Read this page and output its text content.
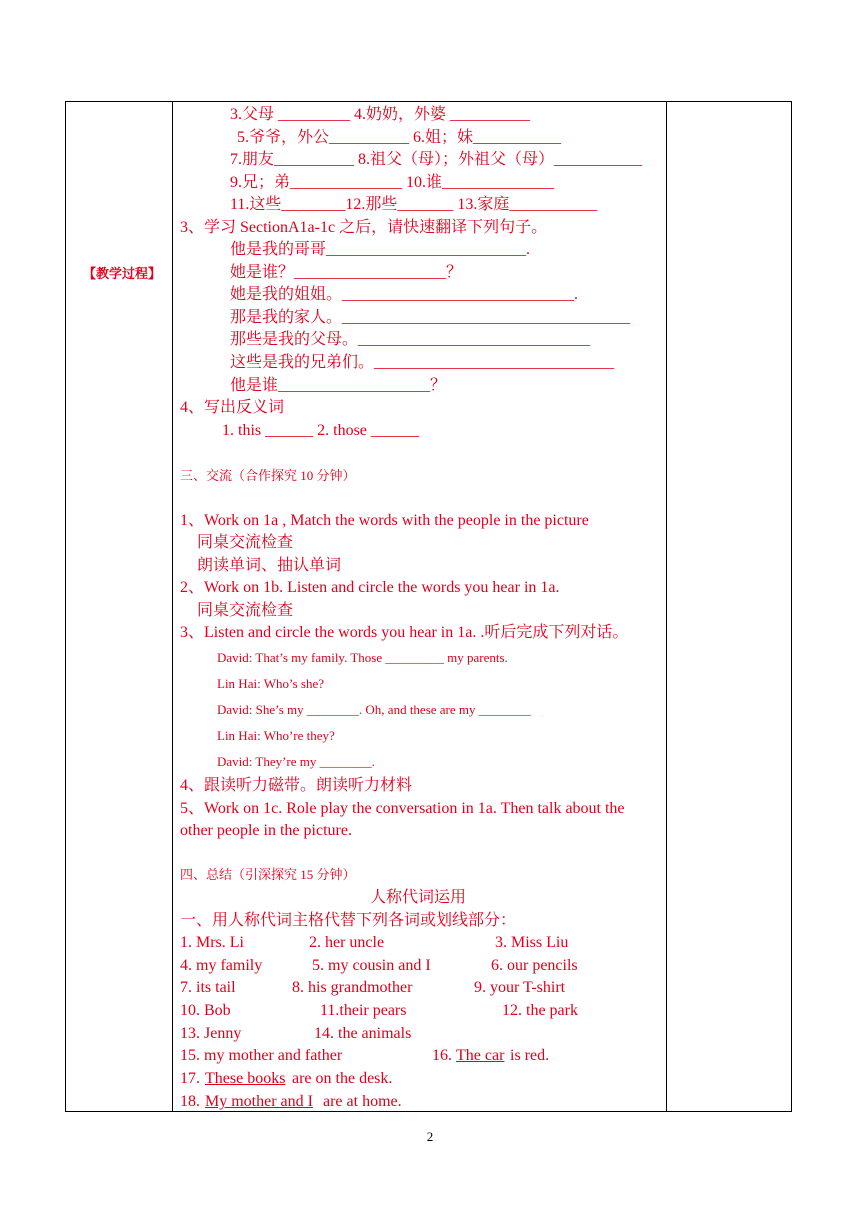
【教学过程】
3.父母 _________ 4.奶奶，外婆 __________
5.爷爷，外公__________ 6.姐；妹___________
7.朋友__________ 8.祖父（母）；外祖父（母）___________
9.兄；弟______________ 10.谁______________
11.这些________12.那些_______ 13.家庭___________
3、学习 SectionA1a-1c 之后，请快速翻译下列句子。
他是我的哥哥_________________________.
她是谁？___________________？
她是我的姐姐。_____________________________.
那是我的家人。____________________________________
那些是我的父母。_____________________________
这些是我的兄弟们。______________________________
他是谁___________________？
4、写出反义词
1. this ______ 2. those ______
三、交流（合作探究 10 分钟）
1、Work on 1a , Match the words with the people in the picture
同桌交流检查
朗读单词、抽认单词
2、Work on 1b. Listen and circle the words you hear in 1a.
同桌交流检查
3、Listen and circle the words you hear in 1a. .听后完成下列对话。
David: That’s my family. Those _________ my parents.
Lin Hai: Who’s she?
David: She’s my ________. Oh, and these are my ________
Lin Hai: Who’re they?
David: They’re my ________.
4、跟读听力磁带。朗读听力材料
5、Work on 1c. Role play the conversation in 1a. Then talk about the
other people in the picture.
四、总结（引深探究 15 分钟）
人称代词运用
一、用人称代词主格代替下列各词或划线部分：
1. Mrs. Li	2. her uncle	3. Miss Liu
4. my family	5. my cousin and I	6. our pencils
7. its tail	8. his grandmother	9. your T-shirt
10. Bob	11.their pears	12. the park
13. Jenny	14. the animals
15. my mother and father	16. The car is red.
17. These books are on the desk.
18. My mother and I are at home.
2
